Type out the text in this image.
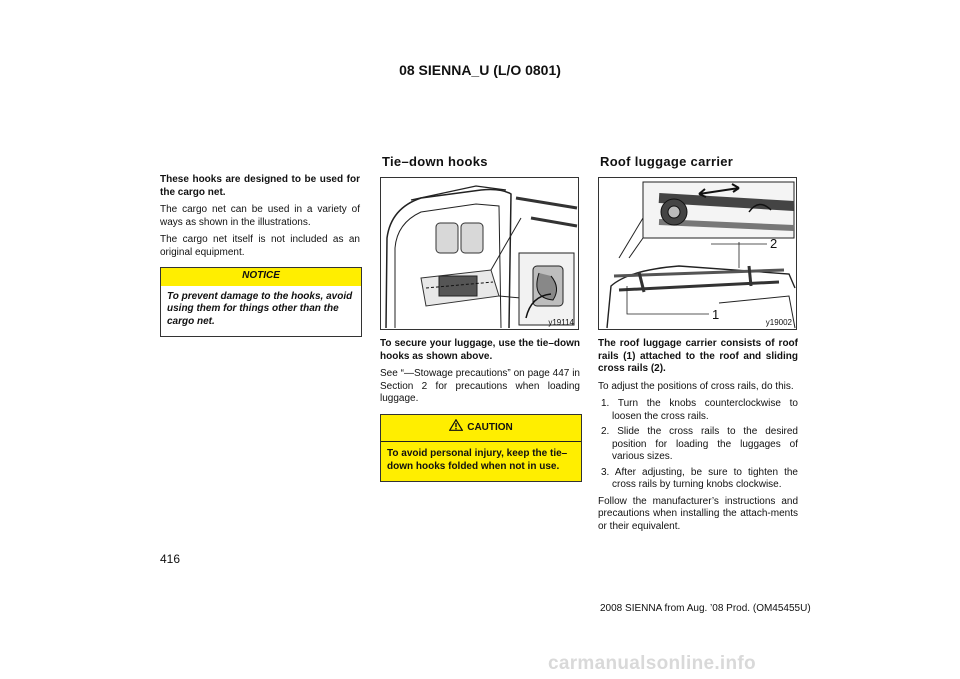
08 SIENNA_U (L/O 0801)

These hooks are designed to be used for the cargo net.

The cargo net can be used in a variety of ways as shown in the illustrations.

The cargo net itself is not included as an original equipment.

NOTICE
To prevent damage to the hooks, avoid using them for things other than the cargo net.
Tie–down hooks
y19114

To secure your luggage, use the tie–down hooks as shown above.

See “—Stowage precautions” on page 447 in Section 2 for precautions when loading luggage.

CAUTION
To avoid personal injury, keep the tie–down hooks folded when not in use.
Roof luggage carrier
2
1
y19002

The roof luggage carrier consists of roof rails (1) attached to the roof and sliding cross rails (2).

To adjust the positions of cross rails, do this.

1. Turn the knobs counterclockwise to loosen the cross rails.
2. Slide the cross rails to the desired position for loading the luggages of various sizes.
3. After adjusting, be sure to tighten the cross rails by turning knobs clockwise.

Follow the manufacturer’s instructions and precautions when installing the attach-ments or their equivalent.

416
2008 SIENNA from Aug. ’08 Prod. (OM45455U)
carmanualsonline.info
